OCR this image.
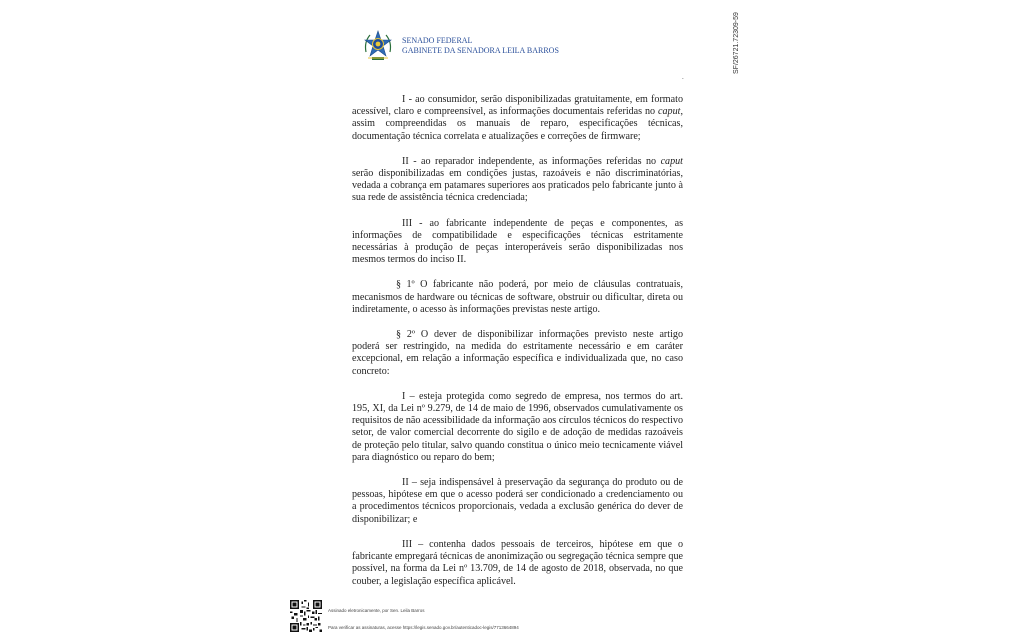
SENADO FEDERAL
GABINETE DA SENADORA LEILA BARROS	SF/26721.72309-59
.

I - ao consumidor, serão disponibilizadas gratuitamente, em formato acessível, claro e compreensível, as informações documentais referidas no caput, assim compreendidas os manuais de reparo, especificações técnicas, documentação técnica correlata e atualizações e correções de firmware;

II - ao reparador independente, as informações referidas no caput serão disponibilizadas em condições justas, razoáveis e não discriminatórias, vedada a cobrança em patamares superiores aos praticados pelo fabricante junto à sua rede de assistência técnica credenciada;

III - ao fabricante independente de peças e componentes, as informações de compatibilidade e especificações técnicas estritamente necessárias à produção de peças interoperáveis serão disponibilizadas nos mesmos termos do inciso II.

§ 1º O fabricante não poderá, por meio de cláusulas contratuais, mecanismos de hardware ou técnicas de software, obstruir ou dificultar, direta ou indiretamente, o acesso às informações previstas neste artigo.

§ 2º O dever de disponibilizar informações previsto neste artigo poderá ser restringido, na medida do estritamente necessário e em caráter excepcional, em relação a informação específica e individualizada que, no caso concreto:

I – esteja protegida como segredo de empresa, nos termos do art. 195, XI, da Lei nº 9.279, de 14 de maio de 1996, observados cumulativamente os requisitos de não acessibilidade da informação aos círculos técnicos do respectivo setor, de valor comercial decorrente do sigilo e de adoção de medidas razoáveis de proteção pelo titular, salvo quando constitua o único meio tecnicamente viável para diagnóstico ou reparo do bem;

II – seja indispensável à preservação da segurança do produto ou de pessoas, hipótese em que o acesso poderá ser condicionado a credenciamento ou a procedimentos técnicos proporcionais, vedada a exclusão genérica do dever de disponibilizar; e

III – contenha dados pessoais de terceiros, hipótese em que o fabricante empregará técnicas de anonimização ou segregação técnica sempre que possível, na forma da Lei nº 13.709, de 14 de agosto de 2018, observada, no que couber, a legislação específica aplicável.

Assinado eletronicamente, por Sen. Leila Barros
Para verificar as assinaturas, acesse https://legis.senado.gov.br/autenticadoc-legis/7713664894
